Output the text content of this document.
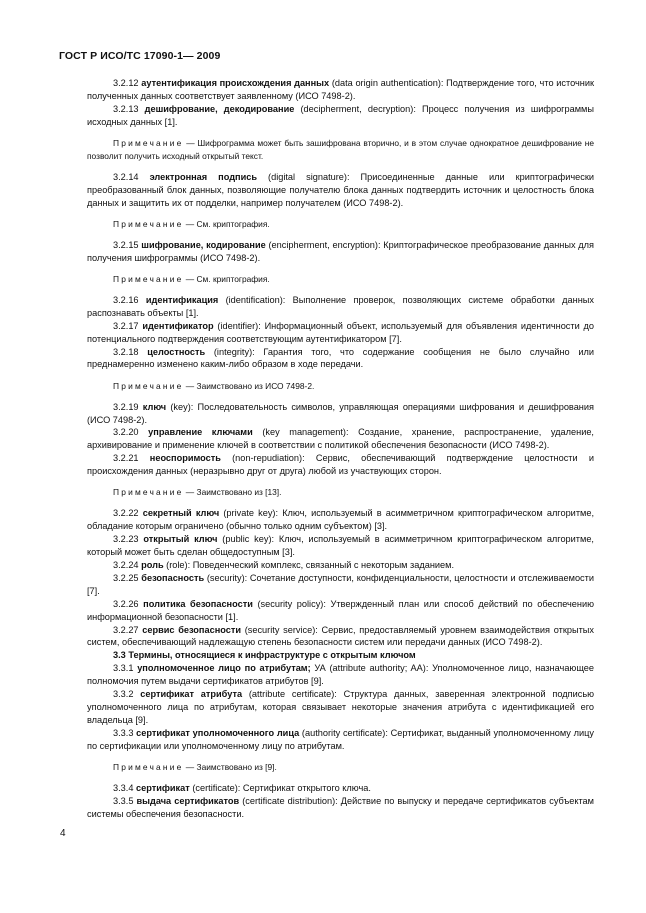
ГОСТ Р ИСО/ТС 17090-1— 2009

3.2.12 аутентификация происхождения данных (data origin authentication): Подтверждение того, что источник полученных данных соответствует заявленному (ИСО 7498-2).

3.2.13 дешифрование, декодирование (decipherment, decryption): Процесс получения из шифрограммы исходных данных [1].

Примечание — Шифрограмма может быть зашифрована вторично, и в этом случае однократное дешифрование не позволит получить исходный открытый текст.

3.2.14 электронная подпись (digital signature): Присоединенные данные или криптографически преобразованный блок данных, позволяющие получателю блока данных подтвердить источник и целостность блока данных и защитить их от подделки, например получателем (ИСО 7498-2).

Примечание — См. криптография.

3.2.15 шифрование, кодирование (encipherment, encryption): Криптографическое преобразование данных для получения шифрограммы (ИСО 7498-2).

Примечание — См. криптография.

3.2.16 идентификация (identification): Выполнение проверок, позволяющих системе обработки данных распознавать объекты [1].

3.2.17 идентификатор (identifier): Информационный объект, используемый для объявления идентичности до потенциального подтверждения соответствующим аутентификатором [7].

3.2.18 целостность (integrity): Гарантия того, что содержание сообщения не было случайно или преднамеренно изменено каким-либо образом в ходе передачи.

Примечание — Заимствовано из ИСО 7498-2.

3.2.19 ключ (key): Последовательность символов, управляющая операциями шифрования и дешифрования (ИСО 7498-2).

3.2.20 управление ключами (key management): Создание, хранение, распространение, удаление, архивирование и применение ключей в соответствии с политикой обеспечения безопасности (ИСО 7498-2).

3.2.21 неоспоримость (non-repudiation): Сервис, обеспечивающий подтверждение целостности и происхождения данных (неразрывно друг от друга) любой из участвующих сторон.

Примечание — Заимствовано из [13].

3.2.22 секретный ключ (private key): Ключ, используемый в асимметричном криптографическом алгоритме, обладание которым ограничено (обычно только одним субъектом) [3].

3.2.23 открытый ключ (public key): Ключ, используемый в асимметричном криптографическом алгоритме, который может быть сделан общедоступным [3].

3.2.24 роль (role): Поведенческий комплекс, связанный с некоторым заданием.

3.2.25 безопасность (security): Сочетание доступности, конфиденциальности, целостности и отслеживаемости [7].

3.2.26 политика безопасности (security policy): Утвержденный план или способ действий по обеспечению информационной безопасности [1].

3.2.27 сервис безопасности (security service): Сервис, предоставляемый уровнем взаимодействия открытых систем, обеспечивающий надлежащую степень безопасности систем или передачи данных (ИСО 7498-2).

3.3 Термины, относящиеся к инфраструктуре с открытым ключом

3.3.1 уполномоченное лицо по атрибутам; УА (attribute authority; AA): Уполномоченное лицо, назначающее полномочия путем выдачи сертификатов атрибутов [9].

3.3.2 сертификат атрибута (attribute certificate): Структура данных, заверенная электронной подписью уполномоченного лица по атрибутам, которая связывает некоторые значения атрибута с идентификацией его владельца [9].

3.3.3 сертификат уполномоченного лица (authority certificate): Сертификат, выданный уполномоченному лицу по сертификации или уполномоченному лицу по атрибутам.

Примечание — Заимствовано из [9].

3.3.4 сертификат (certificate): Сертификат открытого ключа.

3.3.5 выдача сертификатов (certificate distribution): Действие по выпуску и передаче сертификатов субъектам системы обеспечения безопасности.

4
